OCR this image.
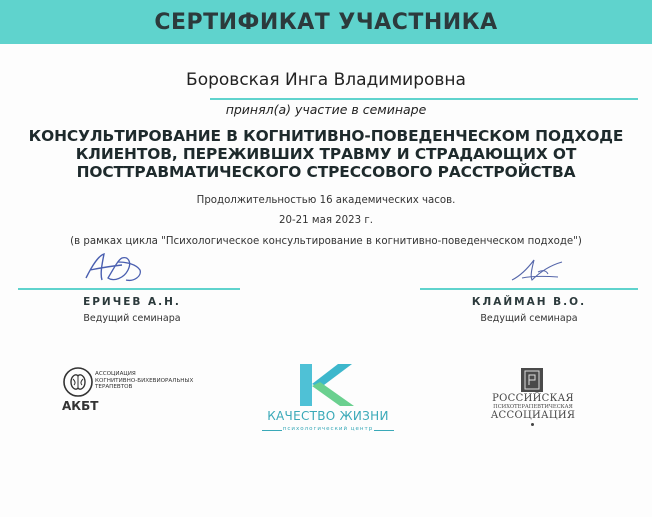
СЕРТИФИКАТ УЧАСТНИКА
Боровская Инга Владимировна
принял(а) участие в семинаре
КОНСУЛЬТИРОВАНИЕ В КОГНИТИВНО-ПОВЕДЕНЧЕСКОМ ПОДХОДЕ
КЛИЕНТОВ, ПЕРЕЖИВШИХ ТРАВМУ И СТРАДАЮЩИХ ОТ
ПОСТТРАВМАТИЧЕСКОГО СТРЕССОВОГО РАССТРОЙСТВА
Продолжительностью 16 академических часов.
20-21 мая 2023 г.
(в рамках цикла "Психологическое консультирование в когнитивно-поведенческом подходе")
ЕРИЧЕВ А.Н.
Ведущий семинара
КЛАЙМАН В.О.
Ведущий семинара
АССОЦИАЦИЯ
КОГНИТИВНО-БИХЕВИОРАЛЬНЫХ
ТЕРАПЕВТОВ
АКБТ
КАЧЕСТВО ЖИЗНИ
психологический центр
РОССИЙСКАЯ
ПСИХОТЕРАПЕВТИЧЕСКАЯ
АССОЦИАЦИЯ
